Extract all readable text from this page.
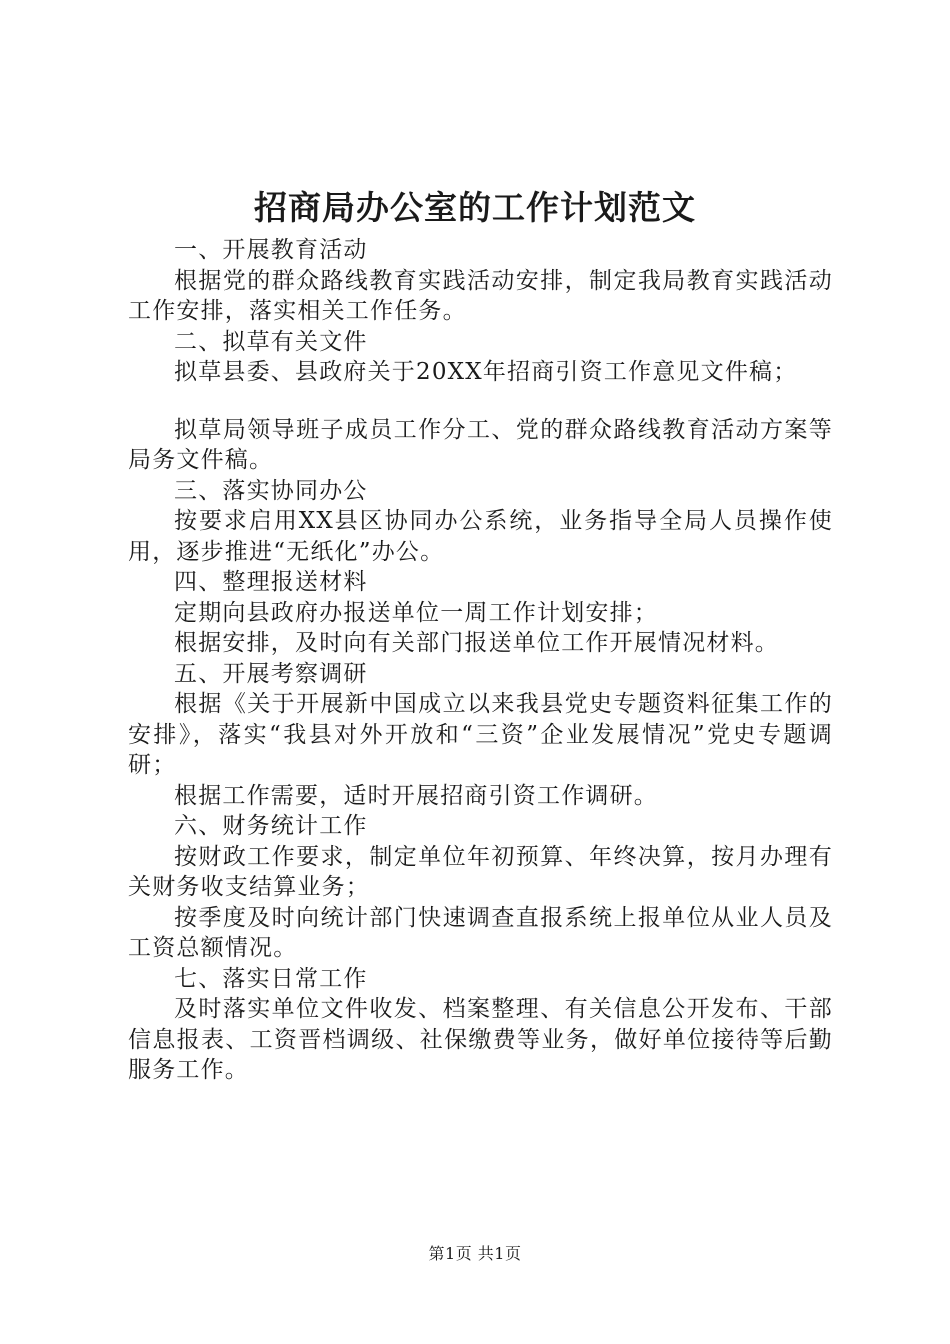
招商局办公室的工作计划范文

一、开展教育活动

根据党的群众路线教育实践活动安排，制定我局教育实践活动工作安排，落实相关工作任务。

二、拟草有关文件

拟草县委、县政府关于20XX年招商引资工作意见文件稿；

拟草局领导班子成员工作分工、党的群众路线教育活动方案等局务文件稿。

三、落实协同办公

按要求启用XX县区协同办公系统，业务指导全局人员操作使用，逐步推进“无纸化”办公。

四、整理报送材料

定期向县政府办报送单位一周工作计划安排；

根据安排，及时向有关部门报送单位工作开展情况材料。

五、开展考察调研

根据《关于开展新中国成立以来我县党史专题资料征集工作的安排》，落实“我县对外开放和“三资”企业发展情况”党史专题调研；

根据工作需要，适时开展招商引资工作调研。

六、财务统计工作

按财政工作要求，制定单位年初预算、年终决算，按月办理有关财务收支结算业务；

按季度及时向统计部门快速调查直报系统上报单位从业人员及工资总额情况。

七、落实日常工作

及时落实单位文件收发、档案整理、有关信息公开发布、干部信息报表、工资晋档调级、社保缴费等业务，做好单位接待等后勤服务工作。

第1页 共1页
